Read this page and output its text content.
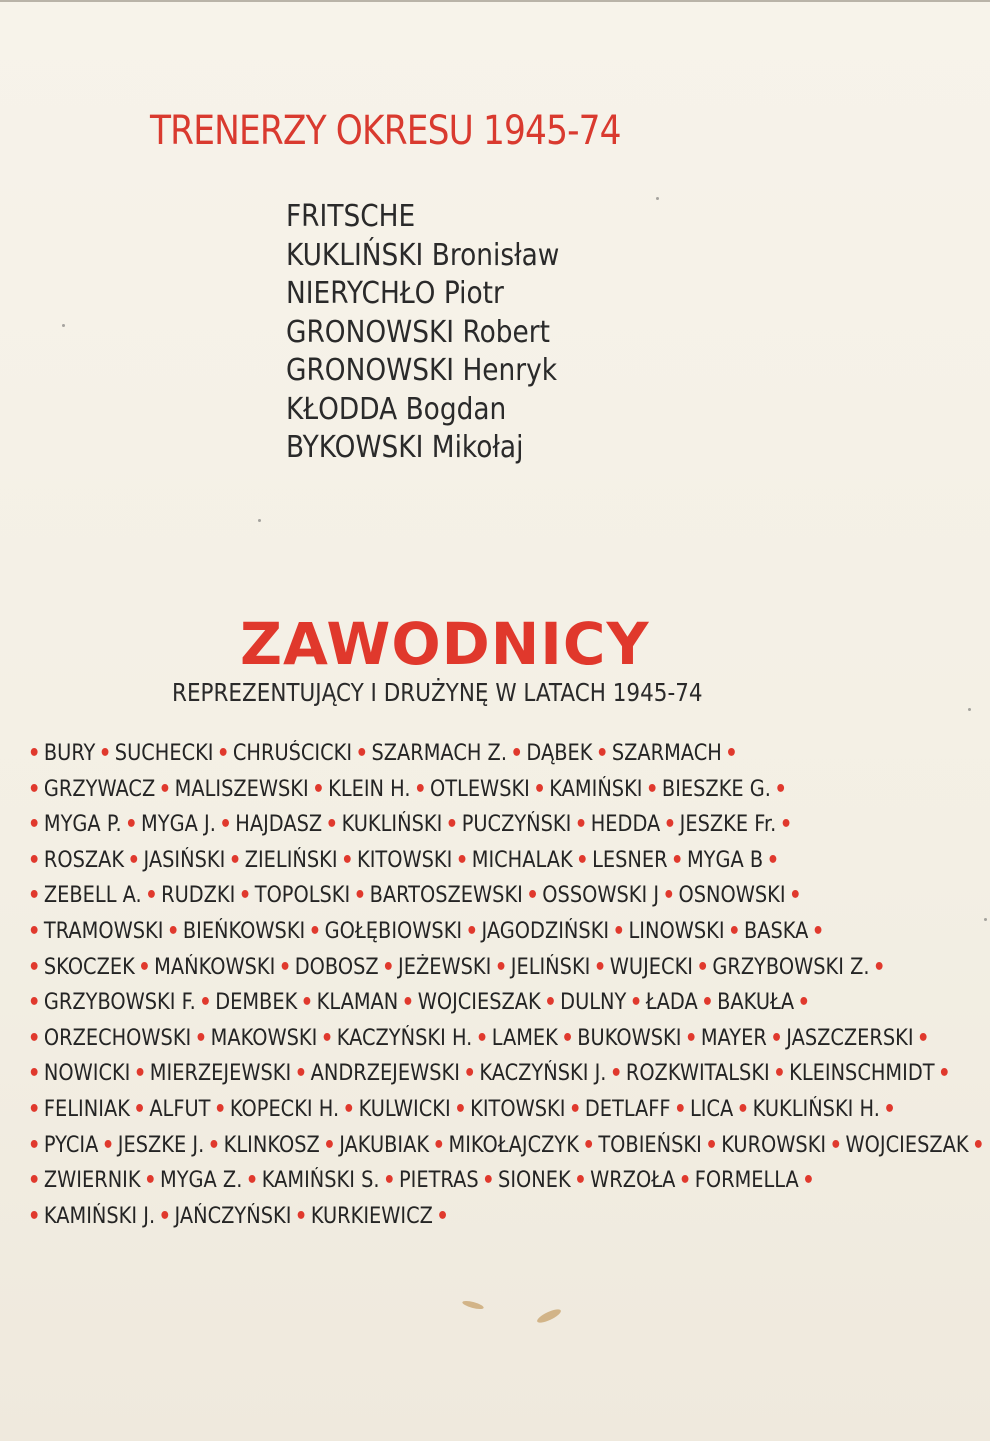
TRENERZY OKRESU 1945-74
FRITSCHE
KUKLIŃSKI Bronisław
NIERYCHŁO Piotr
GRONOWSKI Robert
GRONOWSKI Henryk
KŁODDA Bogdan
BYKOWSKI Mikołaj
ZAWODNICY
REPREZENTUJĄCY I DRUŻYNĘ W LATACH 1945-74
• BURY • SUCHECKI • CHRUŚCICKI • SZARMACH Z. • DĄBEK • SZARMACH •
• GRZYWACZ • MALISZEWSKI • KLEIN H. • OTLEWSKI • KAMIŃSKI • BIESZKE G. •
• MYGA P. • MYGA J. • HAJDASZ • KUKLIŃSKI • PUCZYŃSKI • HEDDA • JESZKE Fr. •
• ROSZAK • JASIŃSKI • ZIELIŃSKI • KITOWSKI • MICHALAK • LESNER • MYGA B •
• ZEBELL A. • RUDZKI • TOPOLSKI • BARTOSZEWSKI • OSSOWSKI J • OSNOWSKI •
• TRAMOWSKI • BIEŃKOWSKI • GOŁĘBIOWSKI • JAGODZIŃSKI • LINOWSKI • BASKA •
• SKOCZEK • MAŃKOWSKI • DOBOSZ • JEŻEWSKI • JELIŃSKI • WUJECKI • GRZYBOWSKI Z. •
• GRZYBOWSKI F. • DEMBEK • KLAMAN • WOJCIESZAK • DULNY • ŁADA • BAKUŁA •
• ORZECHOWSKI • MAKOWSKI • KACZYŃSKI H. • LAMEK • BUKOWSKI • MAYER • JASZCZERSKI •
• NOWICKI • MIERZEJEWSKI • ANDRZEJEWSKI • KACZYŃSKI J. • ROZKWITALSKI • KLEINSCHMIDT •
• FELINIAK • ALFUT • KOPECKI H. • KULWICKI • KITOWSKI • DETLAFF • LICA • KUKLIŃSKI H. •
• PYCIA • JESZKE J. • KLINKOSZ • JAKUBIAK • MIKOŁAJCZYK • TOBIEŃSKI • KUROWSKI • WOJCIESZAK •
• ZWIERNIK • MYGA Z. • KAMIŃSKI S. • PIETRAS • SIONEK • WRZOŁA • FORMELLA •
• KAMIŃSKI J. • JAŃCZYŃSKI • KURKIEWICZ •
